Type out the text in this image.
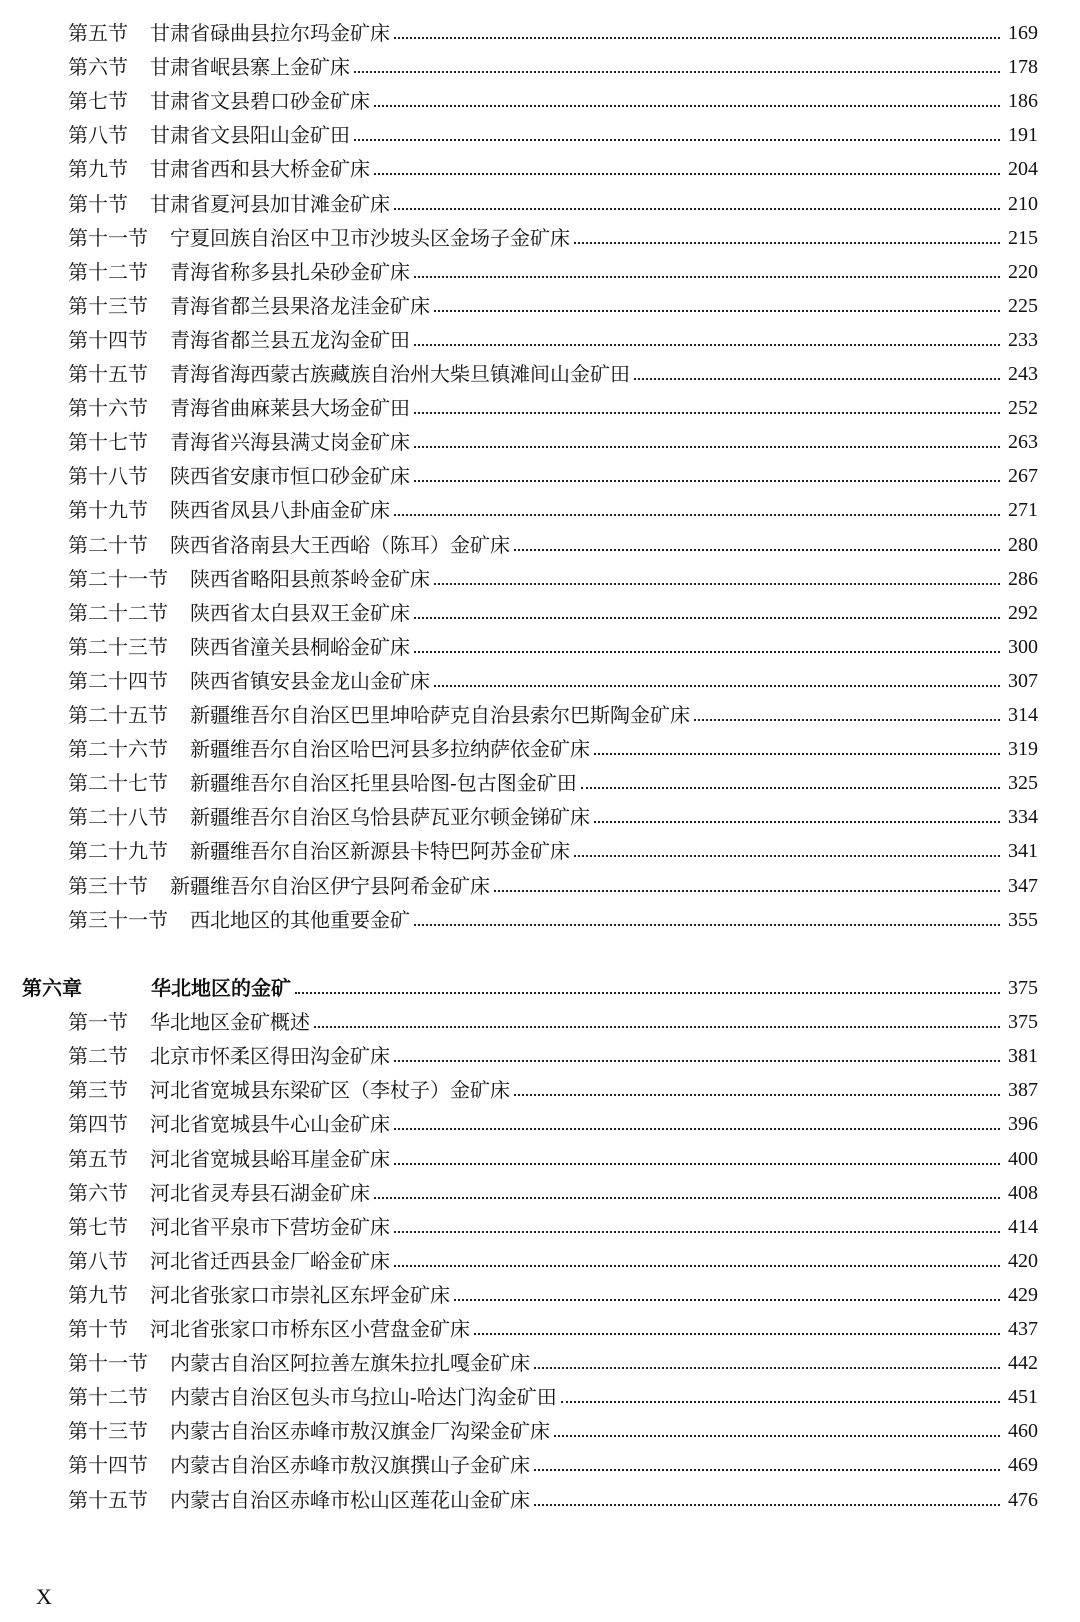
第五节 甘肃省碌曲县拉尔玛金矿床	169
第六节 甘肃省岷县寨上金矿床	178
第七节 甘肃省文县碧口砂金矿床	186
第八节 甘肃省文县阳山金矿田	191
第九节 甘肃省西和县大桥金矿床	204
第十节 甘肃省夏河县加甘滩金矿床	210
第十一节 宁夏回族自治区中卫市沙坡头区金场子金矿床	215
第十二节 青海省称多县扎朵砂金矿床	220
第十三节 青海省都兰县果洛龙洼金矿床	225
第十四节 青海省都兰县五龙沟金矿田	233
第十五节 青海省海西蒙古族藏族自治州大柴旦镇滩间山金矿田	243
第十六节 青海省曲麻莱县大场金矿田	252
第十七节 青海省兴海县满丈岗金矿床	263
第十八节 陕西省安康市恒口砂金矿床	267
第十九节 陕西省凤县八卦庙金矿床	271
第二十节 陕西省洛南县大王西峪（陈耳）金矿床	280
第二十一节 陕西省略阳县煎茶岭金矿床	286
第二十二节 陕西省太白县双王金矿床	292
第二十三节 陕西省潼关县桐峪金矿床	300
第二十四节 陕西省镇安县金龙山金矿床	307
第二十五节 新疆维吾尔自治区巴里坤哈萨克自治县索尔巴斯陶金矿床	314
第二十六节 新疆维吾尔自治区哈巴河县多拉纳萨依金矿床	319
第二十七节 新疆维吾尔自治区托里县哈图-包古图金矿田	325
第二十八节 新疆维吾尔自治区乌恰县萨瓦亚尔顿金锑矿床	334
第二十九节 新疆维吾尔自治区新源县卡特巴阿苏金矿床	341
第三十节 新疆维吾尔自治区伊宁县阿希金矿床	347
第三十一节 西北地区的其他重要金矿	355
第六章	华北地区的金矿	375
第一节 华北地区金矿概述	375
第二节 北京市怀柔区得田沟金矿床	381
第三节 河北省宽城县东梁矿区（李杖子）金矿床	387
第四节 河北省宽城县牛心山金矿床	396
第五节 河北省宽城县峪耳崖金矿床	400
第六节 河北省灵寿县石湖金矿床	408
第七节 河北省平泉市下营坊金矿床	414
第八节 河北省迁西县金厂峪金矿床	420
第九节 河北省张家口市崇礼区东坪金矿床	429
第十节 河北省张家口市桥东区小营盘金矿床	437
第十一节 内蒙古自治区阿拉善左旗朱拉扎嘎金矿床	442
第十二节 内蒙古自治区包头市乌拉山-哈达门沟金矿田	451
第十三节 内蒙古自治区赤峰市敖汉旗金厂沟梁金矿床	460
第十四节 内蒙古自治区赤峰市敖汉旗撰山子金矿床	469
第十五节 内蒙古自治区赤峰市松山区莲花山金矿床	476
X
